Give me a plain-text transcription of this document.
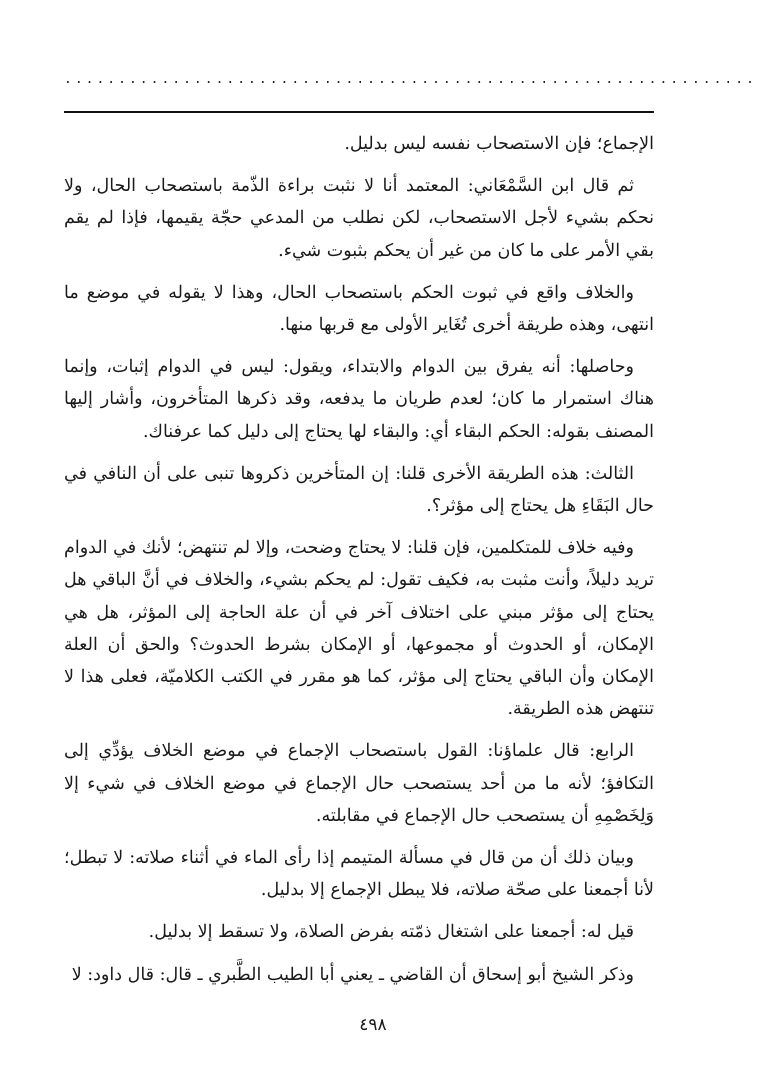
................................................................

الإجماع؛ فإن الاستصحاب نفسه ليس بدليل.

ثم قال ابن السَّمْعَاني: المعتمد أنا لا نثبت براءة الذّمة باستصحاب الحال، ولا نحكم بشيء لأجل الاستصحاب، لكن نطلب من المدعي حجّة يقيمها، فإذا لم يقم بقي الأمر على ما كان من غير أن يحكم بثبوت شيء.

والخلاف واقع في ثبوت الحكم باستصحاب الحال، وهذا لا يقوله في موضع ما انتهى، وهذه طريقة أخرى تُغَاير الأولى مع قربها منها.

وحاصلها: أنه يفرق بين الدوام والابتداء، ويقول: ليس في الدوام إثبات، وإنما هناك استمرار ما كان؛ لعدم طريان ما يدفعه، وقد ذكرها المتأخرون، وأشار إليها المصنف بقوله: الحكم البقاء أي: والبقاء لها يحتاج إلى دليل كما عرفناك.

الثالث: هذه الطريقة الأخرى قلنا: إن المتأخرين ذكروها تنبى على أن النافي في حال البَقَاءِ هل يحتاج إلى مؤثر؟.

وفيه خلاف للمتكلمين، فإن قلنا: لا يحتاج وضحت، وإلا لم تنتهض؛ لأنك في الدوام تريد دليلاً، وأنت مثبت به، فكيف تقول: لم يحكم بشيء، والخلاف في أنَّ الباقي هل يحتاج إلى مؤثر مبني على اختلاف آخر في أن علة الحاجة إلى المؤثر، هل هي الإمكان، أو الحدوث أو مجموعها، أو الإمكان بشرط الحدوث؟ والحق أن العلة الإمكان وأن الباقي يحتاج إلى مؤثر، كما هو مقرر في الكتب الكلاميّة، فعلى هذا لا تنتهض هذه الطريقة.

الرابع: قال علماؤنا: القول باستصحاب الإجماع في موضع الخلاف يؤدِّي إلى التكافؤ؛ لأنه ما من أحد يستصحب حال الإجماع في موضع الخلاف في شيء إلا وَلِخَصْمِهِ أن يستصحب حال الإجماع في مقابلته.

وبيان ذلك أن من قال في مسألة المتيمم إذا رأى الماء في أثناء صلاته: لا تبطل؛ لأنا أجمعنا على صحّة صلاته، فلا يبطل الإجماع إلا بدليل.

قيل له: أجمعنا على اشتغال ذمّته بفرض الصلاة، ولا تسقط إلا بدليل.

وذكر الشيخ أبو إسحاق أن القاضي ـ يعني أبا الطيب الطَّبري ـ قال: قال داود: لا

٤٩٨
